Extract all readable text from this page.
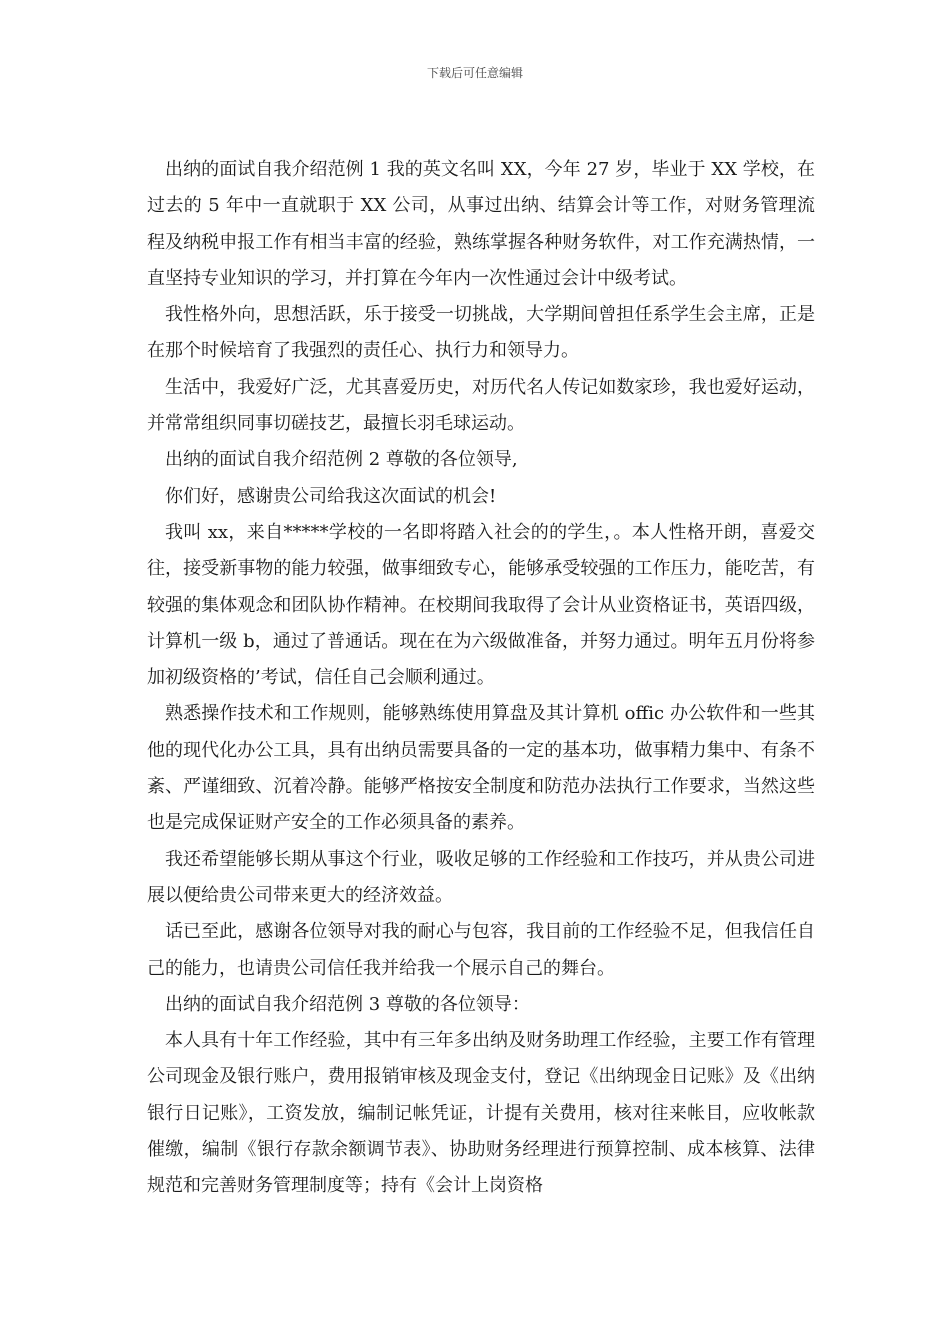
下载后可任意编辑

出纳的面试自我介绍范例 1 我的英文名叫 XX，今年 27 岁，毕业于 XX 学校，在过去的 5 年中一直就职于 XX 公司，从事过出纳、结算会计等工作，对财务管理流程及纳税申报工作有相当丰富的经验，熟练掌握各种财务软件，对工作充满热情，一直坚持专业知识的学习，并打算在今年内一次性通过会计中级考试。

我性格外向，思想活跃，乐于接受一切挑战，大学期间曾担任系学生会主席，正是在那个时候培育了我强烈的责任心、执行力和领导力。

生活中，我爱好广泛，尤其喜爱历史，对历代名人传记如数家珍，我也爱好运动，并常常组织同事切磋技艺，最擅长羽毛球运动。

出纳的面试自我介绍范例 2 尊敬的各位领导,

你们好，感谢贵公司给我这次面试的机会!

我叫 xx，来自*****学校的一名即将踏入社会的的学生，。本人性格开朗，喜爱交往，接受新事物的能力较强，做事细致专心，能够承受较强的工作压力，能吃苦，有较强的集体观念和团队协作精神。在校期间我取得了会计从业资格证书，英语四级，计算机一级 b，通过了普通话。现在在为六级做准备，并努力通过。明年五月份将参加初级资格的’考试，信任自己会顺利通过。

熟悉操作技术和工作规则，能够熟练使用算盘及其计算机 offic 办公软件和一些其他的现代化办公工具，具有出纳员需要具备的一定的基本功，做事精力集中、有条不紊、严谨细致、沉着冷静。能够严格按安全制度和防范办法执行工作要求，当然这些也是完成保证财产安全的工作必须具备的素养。

我还希望能够长期从事这个行业，吸收足够的工作经验和工作技巧，并从贵公司进展以便给贵公司带来更大的经济效益。

话已至此，感谢各位领导对我的耐心与包容，我目前的工作经验不足，但我信任自己的能力，也请贵公司信任我并给我一个展示自己的舞台。

出纳的面试自我介绍范例 3 尊敬的各位领导：

本人具有十年工作经验，其中有三年多出纳及财务助理工作经验，主要工作有管理公司现金及银行账户，费用报销审核及现金支付，登记《出纳现金日记账》及《出纳银行日记账》，工资发放，编制记帐凭证，计提有关费用，核对往来帐目，应收帐款催缴，编制《银行存款余额调节表》、协助财务经理进行预算控制、成本核算、法律规范和完善财务管理制度等；持有《会计上岗资格
